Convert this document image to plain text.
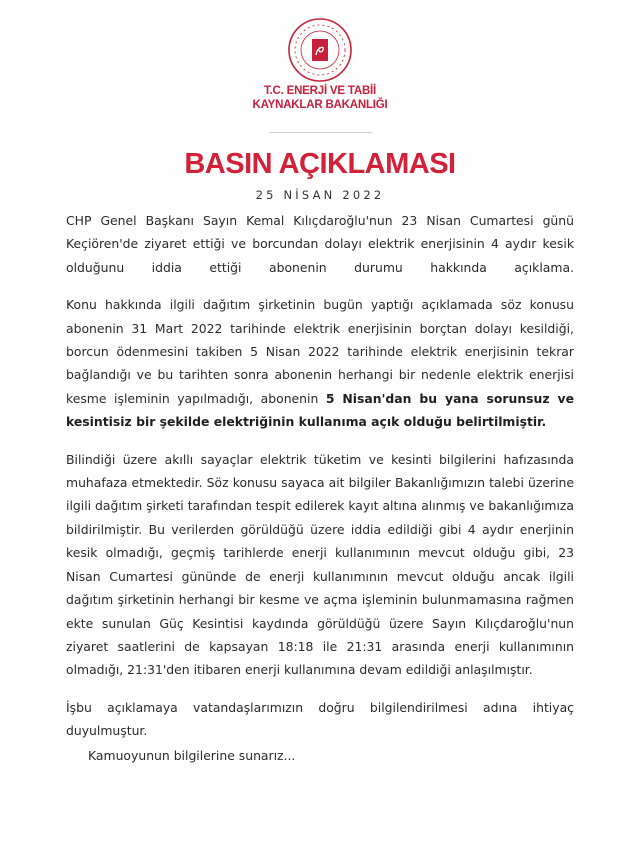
T.C. ENERJİ VE TABİİ
KAYNAKLAR BAKANLIĞI
BASIN AÇIKLAMASI
25 NİSAN 2022

CHP Genel Başkanı Sayın Kemal Kılıçdaroğlu'nun 23 Nisan Cumartesi günü Keçiören'de ziyaret ettiği ve borcundan dolayı elektrik enerjisinin 4 aydır kesik olduğunu iddia ettiği abonenin durumu hakkında açıklama.

Konu hakkında ilgili dağıtım şirketinin bugün yaptığı açıklamada söz konusu abonenin 31 Mart 2022 tarihinde elektrik enerjisinin borçtan dolayı kesildiği, borcun ödenmesini takiben 5 Nisan 2022 tarihinde elektrik enerjisinin tekrar bağlandığı ve bu tarihten sonra abonenin herhangi bir nedenle elektrik enerjisi kesme işleminin yapılmadığı, abonenin 5 Nisan'dan bu yana sorunsuz ve kesintisiz bir şekilde elektriğinin kullanıma açık olduğu belirtilmiştir.

Bilindiği üzere akıllı sayaçlar elektrik tüketim ve kesinti bilgilerini hafızasında muhafaza etmektedir. Söz konusu sayaca ait bilgiler Bakanlığımızın talebi üzerine ilgili dağıtım şirketi tarafından tespit edilerek kayıt altına alınmış ve bakanlığımıza bildirilmiştir. Bu verilerden görüldüğü üzere iddia edildiği gibi 4 aydır enerjinin kesik olmadığı, geçmiş tarihlerde enerji kullanımının mevcut olduğu gibi, 23 Nisan Cumartesi gününde de enerji kullanımının mevcut olduğu ancak ilgili dağıtım şirketinin herhangi bir kesme ve açma işleminin bulunmamasına rağmen ekte sunulan Güç Kesintisi kaydında görüldüğü üzere Sayın Kılıçdaroğlu'nun ziyaret saatlerini de kapsayan 18:18 ile 21:31 arasında enerji kullanımının olmadığı, 21:31'den itibaren enerji kullanımına devam edildiği anlaşılmıştır.

İşbu açıklamaya vatandaşlarımızın doğru bilgilendirilmesi adına ihtiyaç duyulmuştur.

Kamuoyunun bilgilerine sunarız...
